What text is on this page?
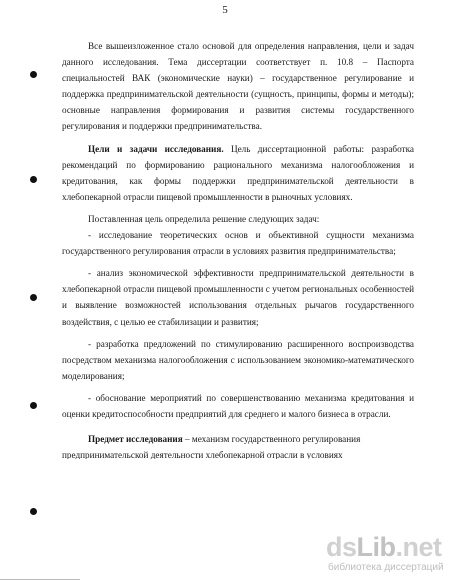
5

Все вышеизложенное стало основой для определения направления, цели и задач данного исследования. Тема диссертации соответствует п. 10.8 – Паспорта специальностей ВАК (экономические науки) – государственное регулирование и поддержка предпринимательской деятельности (сущность, принципы, формы и методы); основные направления формирования и развития системы государственного регулирования и поддержки предпринимательства.

Цели и задачи исследования. Цель диссертационной работы: разработка рекомендаций по формированию рационального механизма налогообложения и кредитования, как формы поддержки предпринимательской деятельности в хлебопекарной отрасли пищевой промышленности в рыночных условиях.

Поставленная цель определила решение следующих задач:

- исследование теоретических основ и объективной сущности механизма государственного регулирования отрасли в условиях развития предпринимательства;

- анализ экономической эффективности предпринимательской деятельности в хлебопекарной отрасли пищевой промышленности с учетом региональных особенностей и выявление возможностей использования отдельных рычагов государственного воздействия, с целью ее стабилизации и развития;

- разработка предложений по стимулированию расширенного воспроизводства посредством механизма налогообложения с использованием экономико-математического моделирования;

- обоснование мероприятий по совершенствованию механизма кредитования и оценки кредитоспособности предприятий для среднего и малого бизнеса в отрасли.

Предмет исследования – механизм государственного регулирования

предпринимательской деятельности хлебопекарной отрасли в условиях

dsLib.net
библиотека диссертаций
